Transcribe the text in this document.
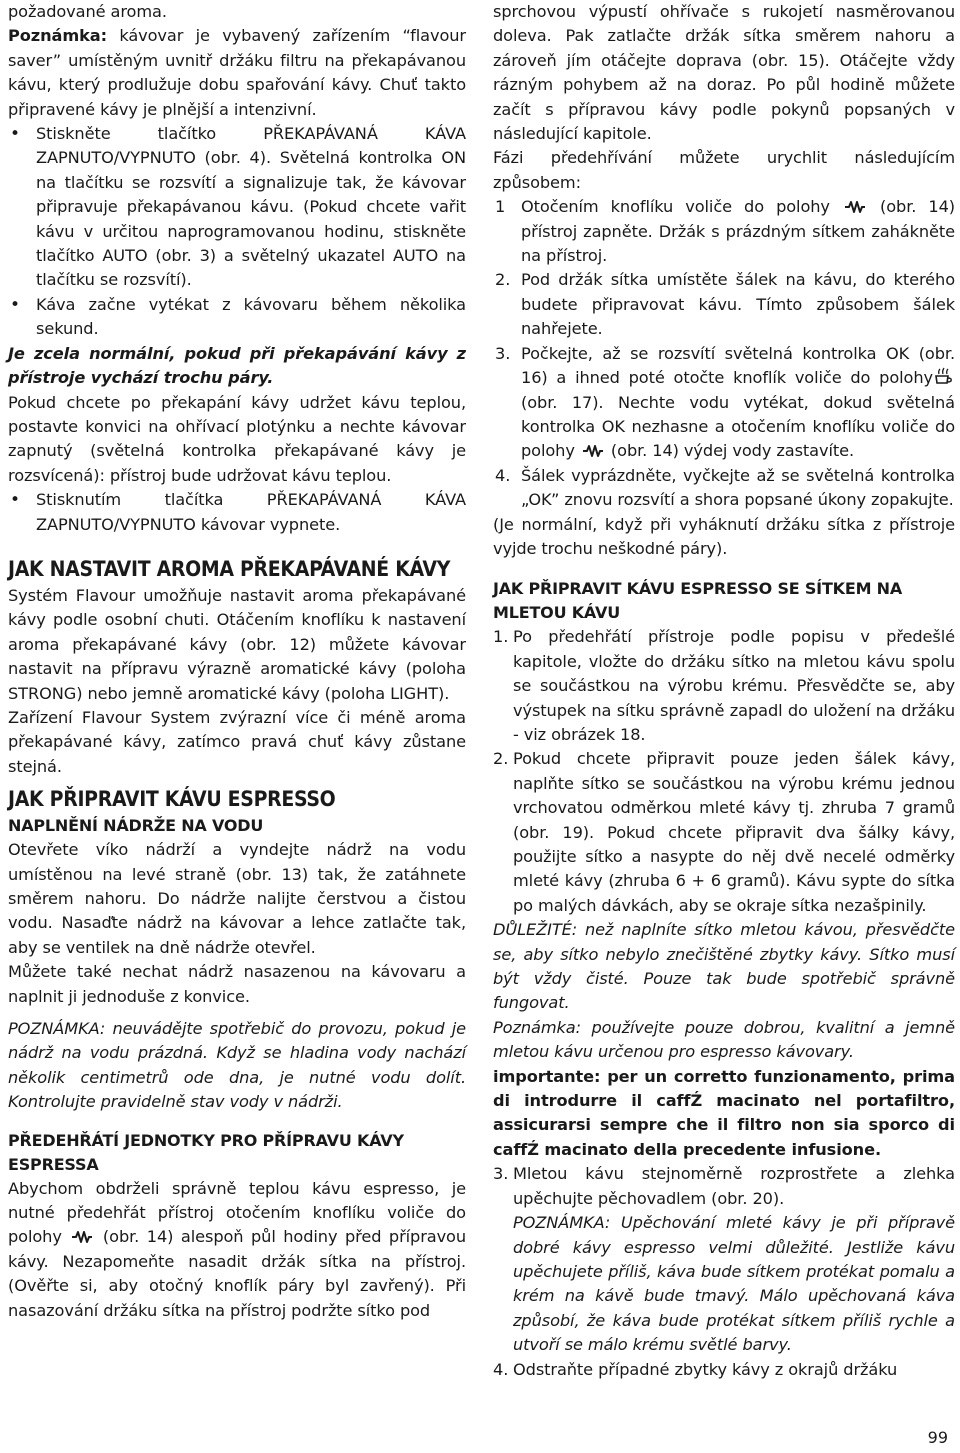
požadované aroma.

Poznámka: kávovar je vybavený zařízením “flavour saver” umístěným uvnitř držáku filtru na překapávanou kávu, který prodlužuje dobu spařování kávy. Chuť takto připravené kávy je plnější a intenzivní.

• Stiskněte tlačítko PŘEKAPÁVANÁ KÁVA ZAPNUTO/VYPNUTO (obr. 4). Světelná kontrolka ON na tlačítku se rozsvítí a signalizuje tak, že kávovar připravuje překapávanou kávu. (Pokud chcete vařit kávu v určitou naprogramovanou hodinu, stiskněte tlačítko AUTO (obr. 3) a světelný ukazatel AUTO na tlačítku se rozsvítí).

• Káva začne vytékat z kávovaru během několika sekund.

Je zcela normální, pokud při překapávání kávy z přístroje vychází trochu páry.

Pokud chcete po překapání kávy udržet kávu teplou, postavte konvici na ohřívací plotýnku a nechte kávovar zapnutý (světelná kontrolka překapávané kávy je rozsvícená): přístroj bude udržovat kávu teplou.

• Stisknutím tlačítka PŘEKAPÁVANÁ KÁVA ZAPNUTO/VYPNUTO kávovar vypnete.

JAK NASTAVIT AROMA PŘEKAPÁVANÉ KÁVY

Systém Flavour umožňuje nastavit aroma překapávané kávy podle osobní chuti. Otáčením knoflíku k nastavení aroma překapávané kávy (obr. 12) můžete kávovar nastavit na přípravu výrazně aromatické kávy (poloha STRONG) nebo jemně aromatické kávy (poloha LIGHT).

Zařízení Flavour System zvýrazní více či méně aroma překapávané kávy, zatímco pravá chuť kávy zůstane stejná.

JAK PŘIPRAVIT KÁVU ESPRESSO

NAPLNĚNÍ NÁDRŽE NA VODU

Otevřete víko nádrží a vyndejte nádrž na vodu umístěnou na levé straně (obr. 13) tak, že zatáhnete směrem nahoru. Do nádrže nalijte čerstvou a čistou vodu. Nasaďte nádrž na kávovar a lehce zatlačte tak, aby se ventilek na dně nádrže otevřel.

Můžete také nechat nádrž nasazenou na kávovaru a naplnit ji jednoduše z konvice.

POZNÁMKA: neuvádějte spotřebič do provozu, pokud je nádrž na vodu prázdná. Když se hladina vody nachází několik centimetrů ode dna, je nutné vodu dolít. Kontrolujte pravidelně stav vody v nádrži.

PŘEDEHŘÁTÍ JEDNOTKY PRO PŘÍPRAVU KÁVY ESPRESSA

Abychom obdrželi správně teplou kávu espresso, je nutné předehřát přístroj otočením knoflíku voliče do polohy	(obr. 14) alespoň půl hodiny před přípravou kávy. Nezapomeňte nasadit držák sítka na přístroj. (Ověřte si, aby otočný knoflík páry byl zavřený). Při nasazování držáku sítka na přístroj podržte sítko pod

sprchovou výpustí ohřívače s rukojetí nasměrovanou doleva. Pak zatlačte držák sítka směrem nahoru a zároveň jím otáčejte doprava (obr. 15). Otáčejte vždy rázným pohybem až na doraz. Po půl hodině můžete začít s přípravou kávy podle pokynů popsaných v následující kapitole.

Fázi předehřívání můžete urychlit následujícím způsobem:

1 Otočením knoflíku voliče do polohy	(obr. 14) přístroj zapněte. Držák s prázdným sítkem zahákněte na přístroj.

2. Pod držák sítka umístěte šálek na kávu, do kterého budete připravovat kávu. Tímto způsobem šálek nahřejete.

3. Počkejte, až se rozsvítí světelná kontrolka OK (obr. 16) a ihned poté otočte knoflík voliče do polohy (obr. 17). Nechte vodu vytékat, dokud světelná kontrolka OK nezhasne a otočením knoflíku voliče do polohy (obr. 14) výdej vody zastavíte.

4. Šálek vyprázdněte, vyčkejte až se světelná kontrolka „OK” znovu rozsvítí a shora popsané úkony zopakujte.

(Je normální, když při vyháknutí držáku sítka z přístroje vyjde trochu neškodné páry).

JAK PŘIPRAVIT KÁVU ESPRESSO SE SÍTKEM NA MLETOU KÁVU

1. Po předehřátí přístroje podle popisu v předešlé kapitole, vložte do držáku sítko na mletou kávu spolu se součástkou na výrobu krému. Přesvědčte se, aby výstupek na sítku správně zapadl do uložení na držáku - viz obrázek 18.

2. Pokud chcete připravit pouze jeden šálek kávy, naplňte sítko se součástkou na výrobu krému jednou vrchovatou odměrkou mleté kávy tj. zhruba 7 gramů (obr. 19). Pokud chcete připravit dva šálky kávy, použijte sítko a nasypte do něj dvě necelé odměrky mleté kávy (zhruba 6 + 6 gramů). Kávu sypte do sítka po malých dávkách, aby se okraje sítka nezašpinily.

DŮLEŽITÉ: než naplníte sítko mletou kávou, přesvědčte se, aby sítko nebylo znečištěné zbytky kávy. Sítko musí být vždy čisté. Pouze tak bude spotřebič správně fungovat.

Poznámka: používejte pouze dobrou, kvalitní a jemně mletou kávu určenou pro espresso kávovary.

importante: per un corretto funzionamento, prima di introdurre il caffŹ macinato nel portafiltro, assicurarsi sempre che il filtro non sia sporco di caffŹ macinato della precedente infusione.

3. Mletou kávu stejnoměrně rozprostřete a zlehka upěchujte pěchovadlem (obr. 20).

POZNÁMKA: Upěchování mleté kávy je při přípravě dobré kávy espresso velmi důležité. Jestliže kávu upěchujete příliš, káva bude sítkem protékat pomalu a krém na kávě bude tmavý. Málo upěchovaná káva způsobí, že káva bude protékat sítkem příliš rychle a utvoří se málo krému světlé barvy.

4. Odstraňte případné zbytky kávy z okrajů držáku

99
